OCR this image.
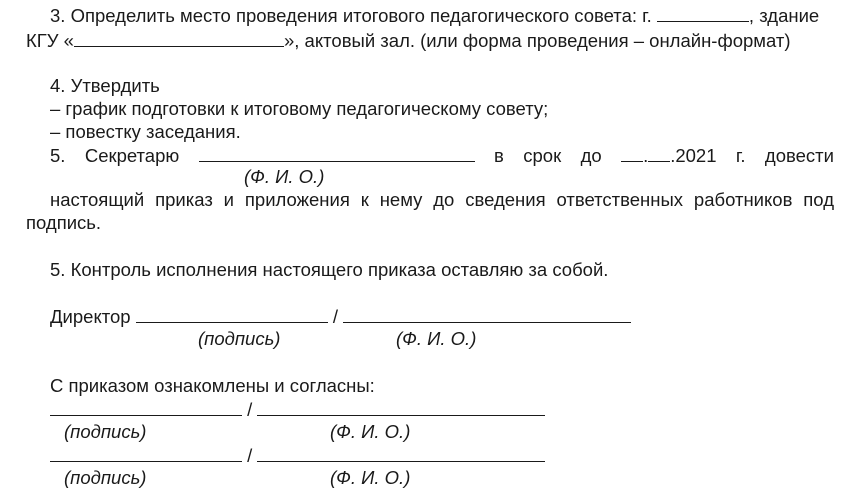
3. Определить место проведения итогового педагогического совета: г.	, здание
КГУ «	», актовый зал. (или форма проведения – онлайн-формат)
4. Утвердить
– график подготовки к итоговому педагогическому совету;
– повестку заседания.
5. Секретарю	в срок до	. .2021 г. довести
(Ф. И. О.)
настоящий приказ и приложения к нему до сведения ответственных работников под
подпись.
5. Контроль исполнения настоящего приказа оставляю за собой.
Директор	/
(подпись)	(Ф. И. О.)
С приказом ознакомлены и согласны:
/
(подпись)	(Ф. И. О.)
/
(подпись)	(Ф. И. О.)
